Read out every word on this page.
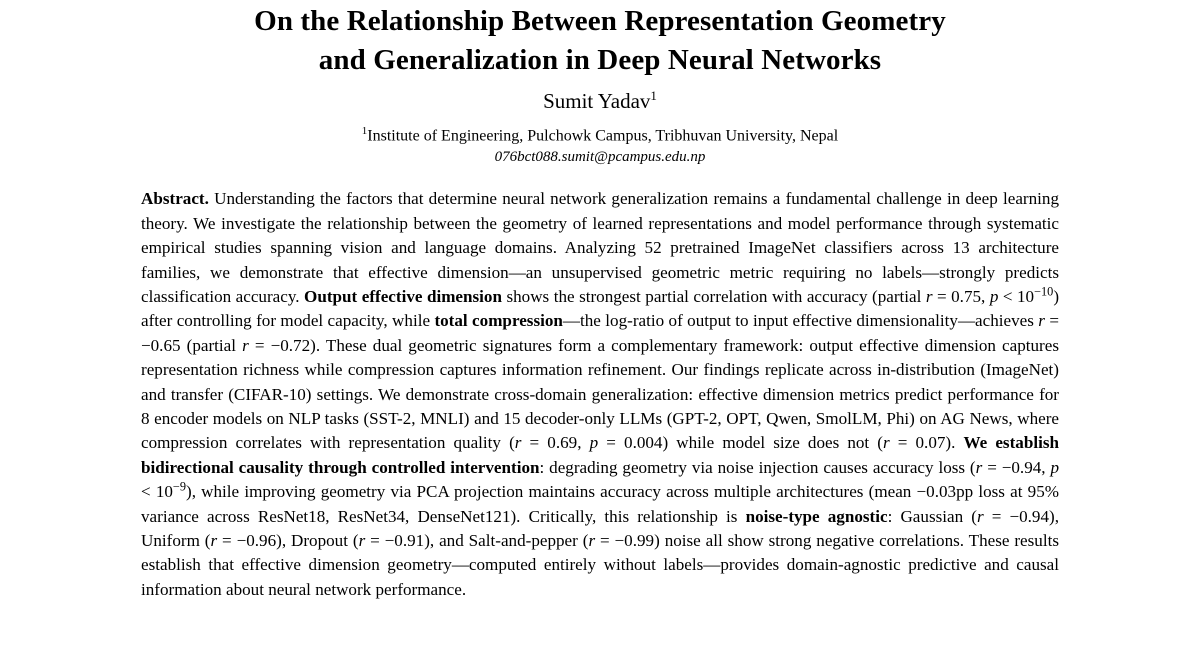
On the Relationship Between Representation Geometry
and Generalization in Deep Neural Networks
Sumit Yadav$^1$
$^1$Institute of Engineering, Pulchowk Campus, Tribhuvan University, Nepal
076bct088.sumit@pcampus.edu.np
Abstract. Understanding the factors that determine neural network generalization remains a fundamental challenge in deep learning theory. We investigate the relationship between the geometry of learned representations and model performance through systematic empirical studies spanning vision and language domains. Analyzing 52 pretrained ImageNet classifiers across 13 architecture families, we demonstrate that effective dimension—an unsupervised geometric metric requiring no labels—strongly predicts classification accuracy. Output effective dimension shows the strongest partial correlation with accuracy (partial r = 0.75, $p < 10^{-10}$) after controlling for model capacity, while total compression—the log-ratio of output to input effective dimensionality—achieves r = −0.65 (partial r = −0.72). These dual geometric signatures form a complementary framework: output effective dimension captures representation richness while compression captures information refinement. Our findings replicate across in-distribution (ImageNet) and transfer (CIFAR-10) settings. We demonstrate cross-domain generalization: effective dimension metrics predict performance for 8 encoder models on NLP tasks (SST-2, MNLI) and 15 decoder-only LLMs (GPT-2, OPT, Qwen, SmolLM, Phi) on AG News, where compression correlates with representation quality (r = 0.69, p = 0.004) while model size does not (r = 0.07). We establish bidirectional causality through controlled intervention: degrading geometry via noise injection causes accuracy loss (r = −0.94, $p < 10^{-9}$), while improving geometry via PCA projection maintains accuracy across multiple architectures (mean −0.03pp loss at 95% variance across ResNet18, ResNet34, DenseNet121). Critically, this relationship is noise-type agnostic: Gaussian (r = −0.94), Uniform (r = −0.96), Dropout (r = −0.91), and Salt-and-pepper (r = −0.99) noise all show strong negative correlations. These results establish that effective dimension geometry—computed entirely without labels—provides domain-agnostic predictive and causal information about neural network performance.
